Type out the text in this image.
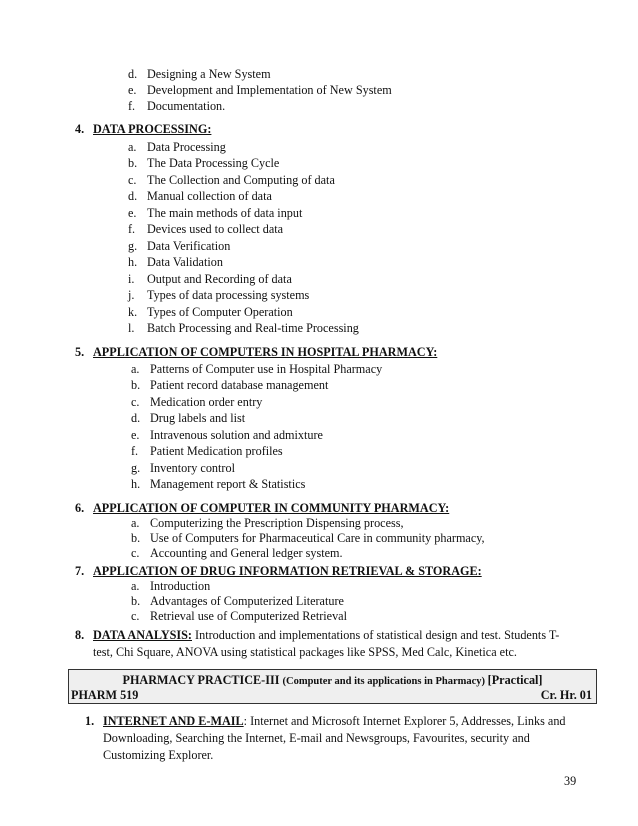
d. Designing a New System
e. Development and Implementation of New System
f. Documentation.
4. DATA PROCESSING:
a. Data Processing
b. The Data Processing Cycle
c. The Collection and Computing of data
d. Manual collection of data
e. The main methods of data input
f. Devices used to collect data
g. Data Verification
h. Data Validation
i. Output and Recording of data
j. Types of data processing systems
k. Types of Computer Operation
l. Batch Processing and Real-time Processing
5. APPLICATION OF COMPUTERS IN HOSPITAL PHARMACY:
a. Patterns of Computer use in Hospital Pharmacy
b. Patient record database management
c. Medication order entry
d. Drug labels and list
e. Intravenous solution and admixture
f. Patient Medication profiles
g. Inventory control
h. Management report & Statistics
6. APPLICATION OF COMPUTER IN COMMUNITY PHARMACY:
a. Computerizing the Prescription Dispensing process,
b. Use of Computers for Pharmaceutical Care in community pharmacy,
c. Accounting and General ledger system.
7. APPLICATION OF DRUG INFORMATION RETRIEVAL & STORAGE:
a. Introduction
b. Advantages of Computerized Literature
c. Retrieval use of Computerized Retrieval
8. DATA ANALYSIS: Introduction and implementations of statistical design and test. Students T-
test, Chi Square, ANOVA using statistical packages like SPSS, Med Calc, Kinetica etc.
PHARMACY PRACTICE-III (Computer and its applications in Pharmacy) [Practical]
PHARM 519	Cr. Hr. 01
1. INTERNET AND E-MAIL: Internet and Microsoft Internet Explorer 5, Addresses, Links and
Downloading, Searching the Internet, E-mail and Newsgroups, Favourites, security and
Customizing Explorer.
39
